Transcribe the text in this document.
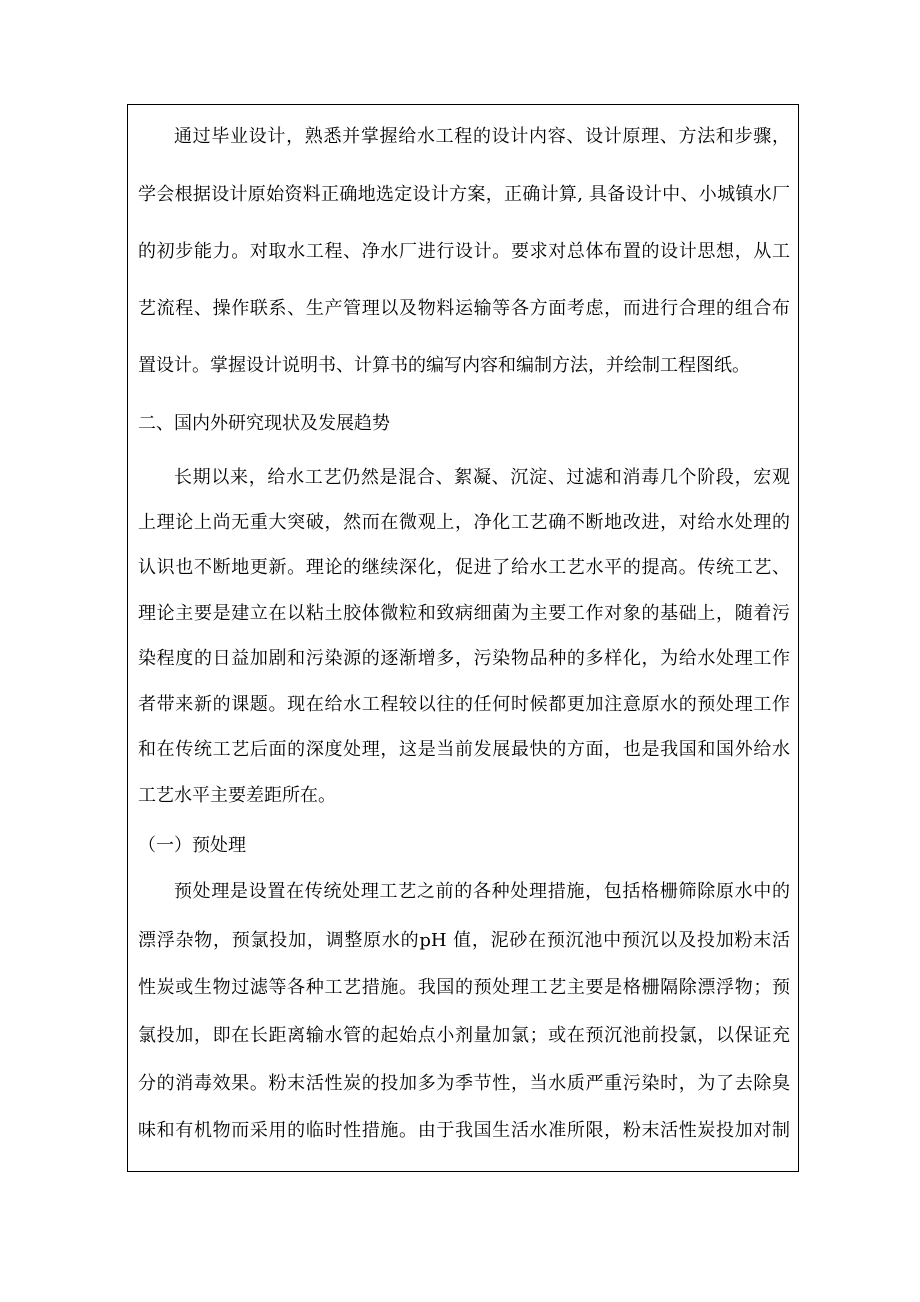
通过毕业设计，熟悉并掌握给水工程的设计内容、设计原理、方法和步骤，
学会根据设计原始资料正确地选定设计方案，正确计算, 具备设计中、小城镇水厂
的初步能力。对取水工程、净水厂进行设计。要求对总体布置的设计思想，从工
艺流程、操作联系、生产管理以及物料运输等各方面考虑，而进行合理的组合布
置设计。掌握设计说明书、计算书的编写内容和编制方法，并绘制工程图纸。
二、国内外研究现状及发展趋势
长期以来，给水工艺仍然是混合、絮凝、沉淀、过滤和消毒几个阶段，宏观
上理论上尚无重大突破，然而在微观上，净化工艺确不断地改进，对给水处理的
认识也不断地更新。理论的继续深化，促进了给水工艺水平的提高。传统工艺、
理论主要是建立在以粘土胶体微粒和致病细菌为主要工作对象的基础上，随着污
染程度的日益加剧和污染源的逐渐增多，污染物品种的多样化，为给水处理工作
者带来新的课题。现在给水工程较以往的任何时候都更加注意原水的预处理工作
和在传统工艺后面的深度处理，这是当前发展最快的方面，也是我国和国外给水
工艺水平主要差距所在。
（一）预处理
预处理是设置在传统处理工艺之前的各种处理措施，包括格栅筛除原水中的
漂浮杂物，预氯投加，调整原水的pH 值，泥砂在预沉池中预沉以及投加粉末活
性炭或生物过滤等各种工艺措施。我国的预处理工艺主要是格栅隔除漂浮物；预
氯投加，即在长距离输水管的起始点小剂量加氯；或在预沉池前投氯，以保证充
分的消毒效果。粉末活性炭的投加多为季节性，当水质严重污染时，为了去除臭
味和有机物而采用的临时性措施。由于我国生活水准所限，粉末活性炭投加对制
